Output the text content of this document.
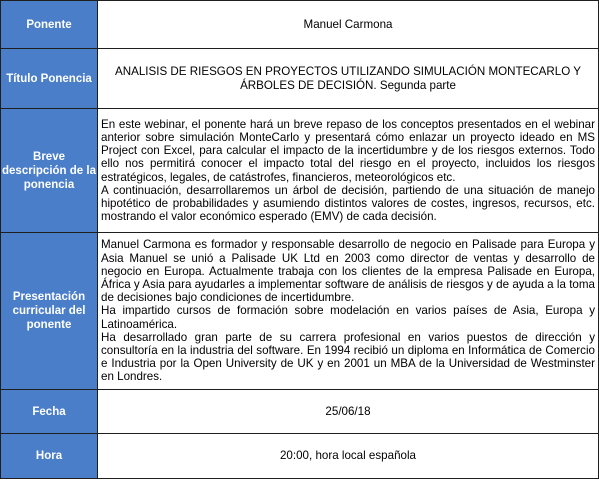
Ponente	Manuel Carmona
Título Ponencia	ANALISIS DE RIESGOS EN PROYECTOS UTILIZANDO SIMULACIÓN MONTECARLO Y ÁRBOLES DE DECISIÓN. Segunda parte
Breve descripción de la ponencia	En este webinar, el ponente hará un breve repaso de los conceptos presentados en el webinar anterior sobre simulación MonteCarlo y presentará cómo enlazar un proyecto ideado en MS Project con Excel, para calcular el impacto de la incertidumbre y de los riesgos externos. Todo ello nos permitirá conocer el impacto total del riesgo en el proyecto, incluidos los riesgos estratégicos, legales, de catástrofes, financieros, meteorológicos etc.

A continuación, desarrollaremos un árbol de decisión, partiendo de una situación de manejo hipotético de probabilidades y asumiendo distintos valores de costes, ingresos, recursos, etc. mostrando el valor económico esperado (EMV) de cada decisión.

Presentación curricular del ponente	Manuel Carmona es formador y responsable desarrollo de negocio en Palisade para Europa y Asia Manuel se unió a Palisade UK Ltd en 2003 como director de ventas y desarrollo de negocio en Europa. Actualmente trabaja con los clientes de la empresa Palisade en Europa, África y Asia para ayudarles a implementar software de análisis de riesgos y de ayuda a la toma de decisiones bajo condiciones de incertidumbre.

Ha impartido cursos de formación sobre modelación en varios países de Asia, Europa y Latinoamérica.

Ha desarrollado gran parte de su carrera profesional en varios puestos de dirección y consultoría en la industria del software. En 1994 recibió un diploma en Informática de Comercio e Industria por la Open University de UK y en 2001 un MBA de la Universidad de Westminster en Londres.

Fecha	25/06/18
Hora	20:00, hora local española
